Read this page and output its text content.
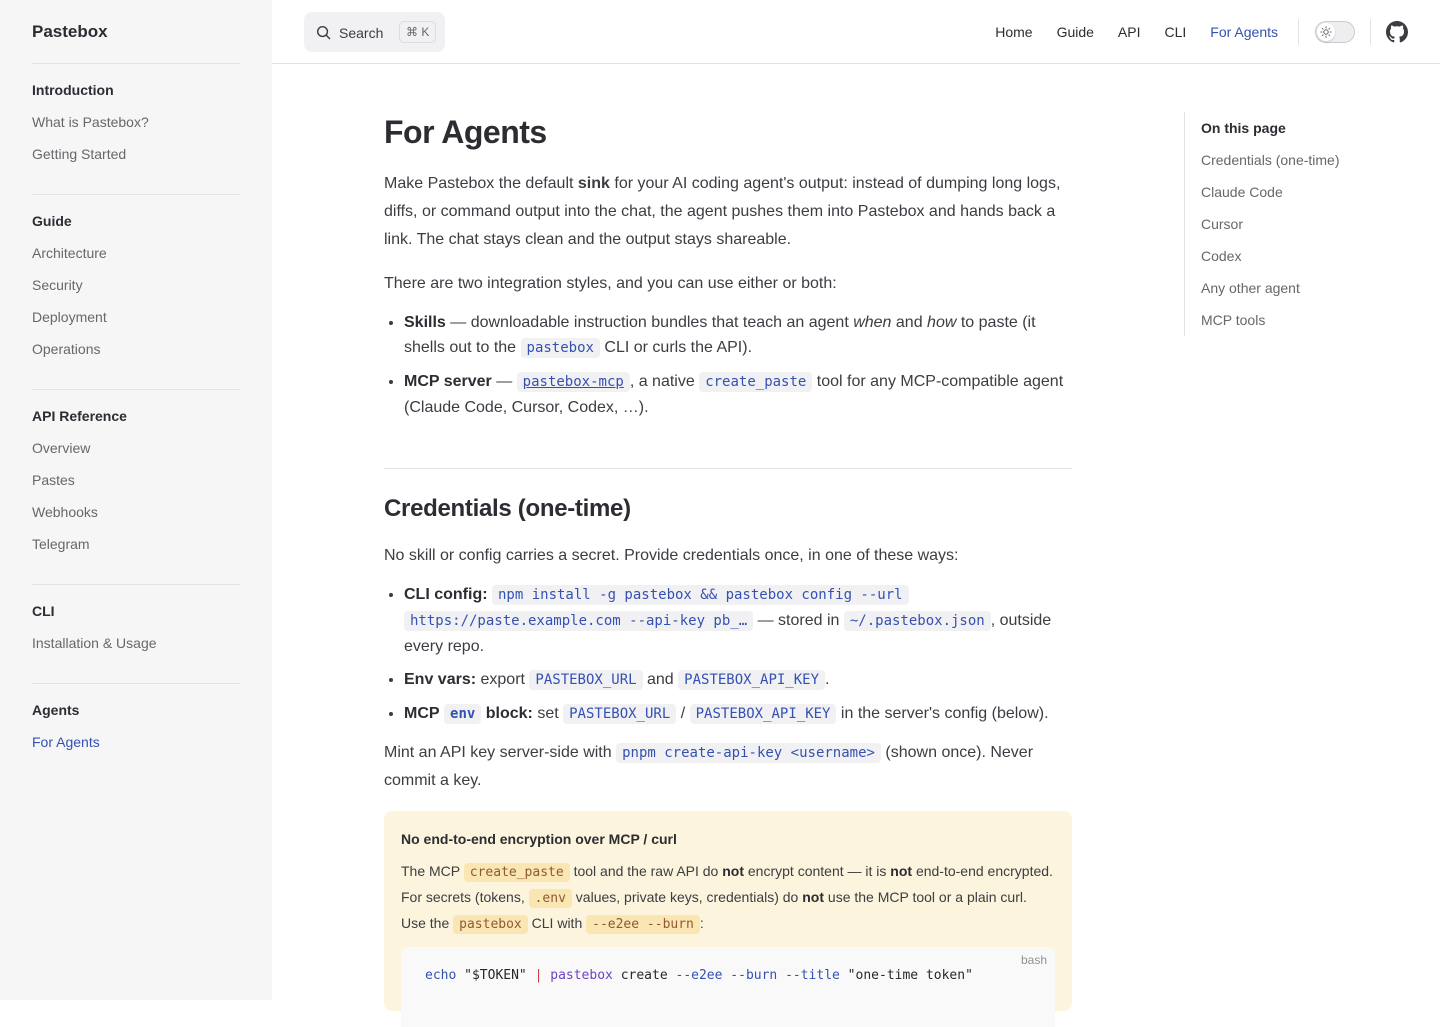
Pastebox
Introduction
What is Pastebox?
Getting Started
Guide
Architecture
Security
Deployment
Operations
API Reference
Overview
Pastes
Webhooks
Telegram
CLI
Installation & Usage
Agents
For Agents
Search	⌘ K	Home Guide API CLI For Agents
For Agents

Make Pastebox the default sink for your AI coding agent's output: instead of dumping long logs, diffs, or command output into the chat, the agent pushes them into Pastebox and hands back a link. The chat stays clean and the output stays shareable.

There are two integration styles, and you can use either or both:

• Skills — downloadable instruction bundles that teach an agent when and how to paste (it shells out to the pastebox CLI or curls the API).
• MCP server — pastebox-mcp , a native create_paste tool for any MCP-compatible agent (Claude Code, Cursor, Codex, …).
Credentials (one-time)

No skill or config carries a secret. Provide credentials once, in one of these ways:

• CLI config: npm install -g pastebox && pastebox config --url https://paste.example.com --api-key pb_… — stored in ~/.pastebox.json , outside every repo.
• Env vars: export PASTEBOX_URL and PASTEBOX_API_KEY .
• MCP env block: set PASTEBOX_URL / PASTEBOX_API_KEY in the server's config (below).

Mint an API key server-side with pnpm create-api-key <username> (shown once). Never commit a key.

No end-to-end encryption over MCP / curl
The MCP create_paste tool and the raw API do not encrypt content — it is not end-to-end encrypted. For secrets (tokens, .env values, private keys, credentials) do not use the MCP tool or a plain curl. Use the pastebox CLI with --e2ee --burn :
bash
echo "$TOKEN" | pastebox create --e2ee --burn --title "one-time token"
On this page
Credentials (one-time)
Claude Code
Cursor
Codex
Any other agent
MCP tools
